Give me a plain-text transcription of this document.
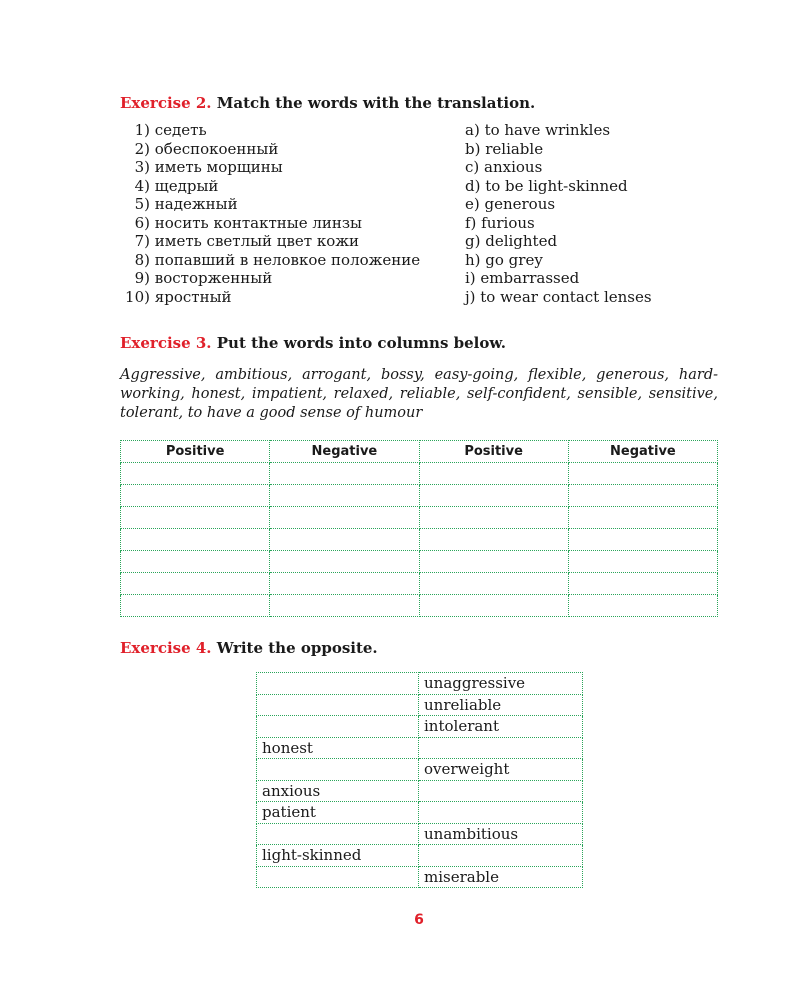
Exercise 2. Match the words with the translation.
1) седеть
2) обеспокоенный
3) иметь морщины
4) щедрый
5) надежный
6) носить контактные линзы
7) иметь светлый цвет кожи
8) попавший в неловкое положение
9) восторженный
10) яростный
a) to have wrinkles
b) reliable
c) anxious
d) to be light-skinned
e) generous
f) furious
g) delighted
h) go grey
i) embarrassed
j) to wear contact lenses
Exercise 3. Put the words into columns below.
Aggressive, ambitious, arrogant, bossy, easy-going, flexible, generous, hard-working, honest, impatient, relaxed, reliable, self-confident, sensible, sensitive, tolerant, to have a good sense of humour
Positive	Negative	Positive	Negative

Exercise 4. Write the opposite.
	unaggressive
	unreliable
	intolerant
honest	
	overweight
anxious	
patient	
	unambitious
light-skinned	
	miserable
6
